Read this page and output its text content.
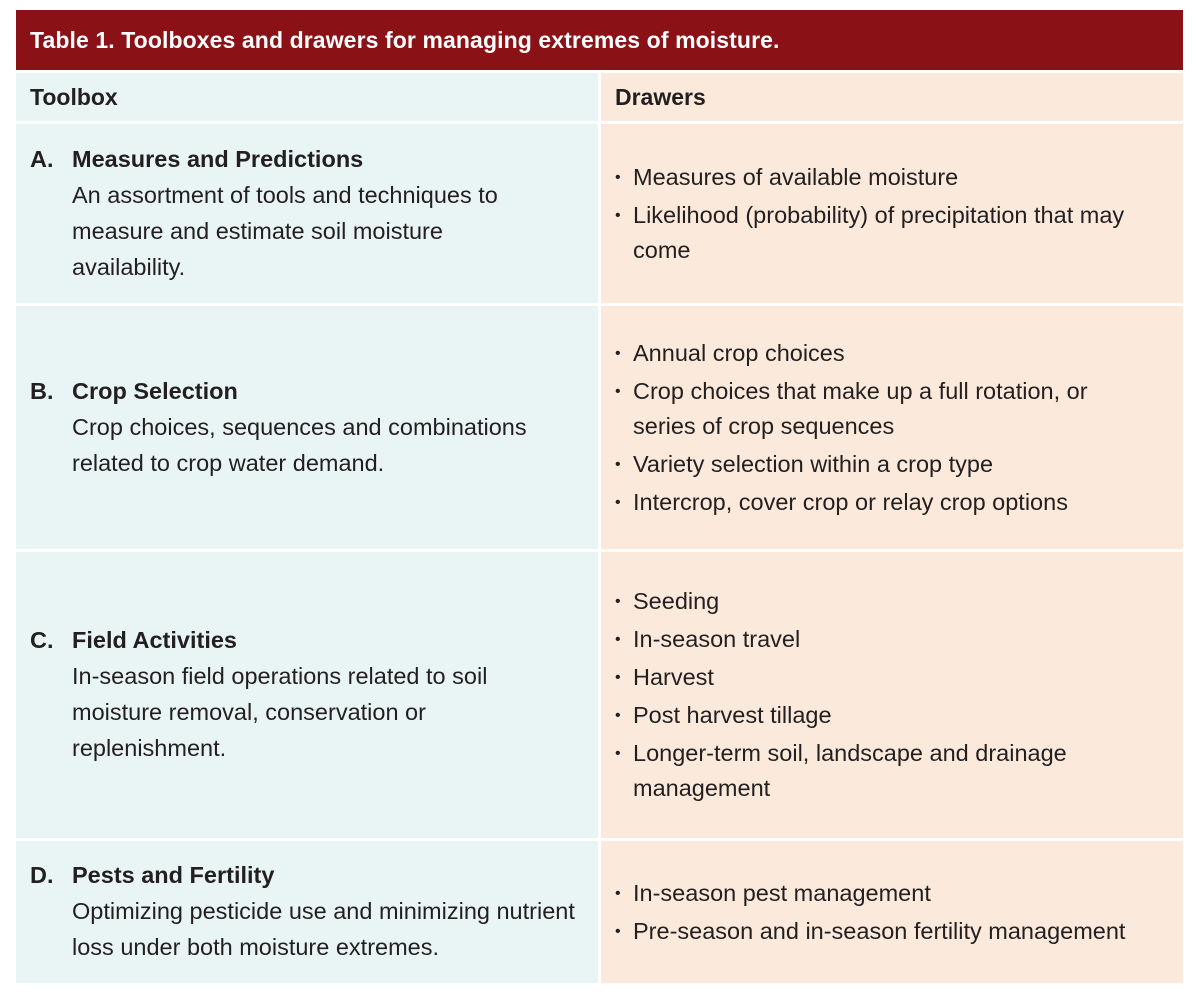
Table 1. Toolboxes and drawers for managing extremes of moisture.
Toolbox	Drawers
A. Measures and Predictions
An assortment of tools and techniques to measure and estimate soil moisture availability.
• Measures of available moisture
• Likelihood (probability) of precipitation that may come
B. Crop Selection
Crop choices, sequences and combinations related to crop water demand.
• Annual crop choices
• Crop choices that make up a full rotation, or series of crop sequences
• Variety selection within a crop type
• Intercrop, cover crop or relay crop options
C. Field Activities
In-season field operations related to soil moisture removal, conservation or replenishment.
• Seeding
• In-season travel
• Harvest
• Post harvest tillage
• Longer-term soil, landscape and drainage management
D. Pests and Fertility
Optimizing pesticide use and minimizing nutrient loss under both moisture extremes.
• In-season pest management
• Pre-season and in-season fertility management
